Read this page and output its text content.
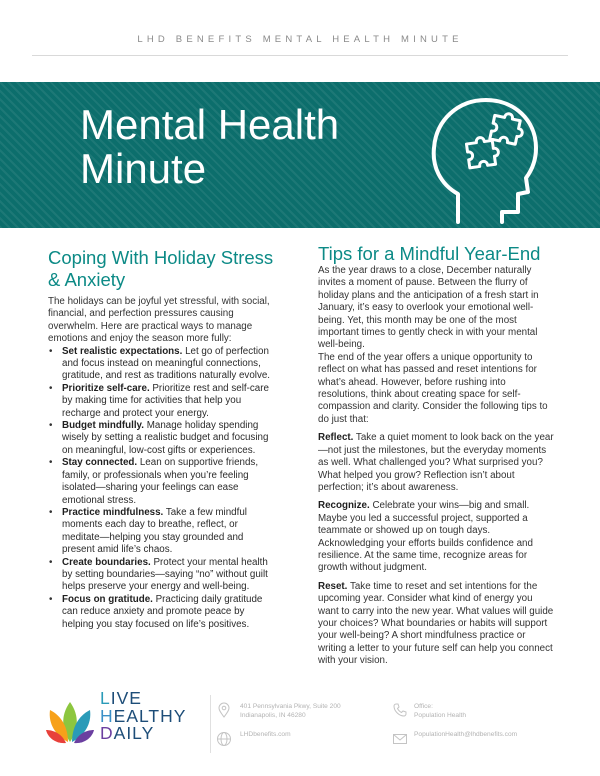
LHD BENEFITS MENTAL HEALTH MINUTE
Mental Health
Minute
Coping With Holiday Stress & Anxiety

The holidays can be joyful yet stressful, with social, financial, and perfection pressures causing overwhelm. Here are practical ways to manage emotions and enjoy the season more fully:

• Set realistic expectations. Let go of perfection and focus instead on meaningful connections, gratitude, and rest as traditions naturally evolve.
• Prioritize self-care. Prioritize rest and self-care by making time for activities that help you recharge and protect your energy.
• Budget mindfully. Manage holiday spending wisely by setting a realistic budget and focusing on meaningful, low-cost gifts or experiences.
• Stay connected. Lean on supportive friends, family, or professionals when you’re feeling isolated—sharing your feelings can ease emotional stress.
• Practice mindfulness. Take a few mindful moments each day to breathe, reflect, or meditate—helping you stay grounded and present amid life’s chaos.
• Create boundaries. Protect your mental health by setting boundaries—saying “no” without guilt helps preserve your energy and well-being.
• Focus on gratitude. Practicing daily gratitude can reduce anxiety and promote peace by helping you stay focused on life’s positives.
Tips for a Mindful Year-End

As the year draws to a close, December naturally invites a moment of pause. Between the flurry of holiday plans and the anticipation of a fresh start in January, it’s easy to overlook your emotional well-being. Yet, this month may be one of the most important times to gently check in with your mental well-being.

The end of the year offers a unique opportunity to reflect on what has passed and reset intentions for what’s ahead. However, before rushing into resolutions, think about creating space for self-compassion and clarity. Consider the following tips to do just that:

Reflect. Take a quiet moment to look back on the year—not just the milestones, but the everyday moments as well. What challenged you? What surprised you? What helped you grow? Reflection isn’t about perfection; it’s about awareness.

Recognize. Celebrate your wins—big and small. Maybe you led a successful project, supported a teammate or showed up on tough days. Acknowledging your efforts builds confidence and resilience. At the same time, recognize areas for growth without judgment.

Reset. Take time to reset and set intentions for the upcoming year. Consider what kind of energy you want to carry into the new year. What values will guide your choices? What boundaries or habits will support your well-being? A short mindfulness practice or writing a letter to your future self can help you connect with your vision.

LIVE
HEALTHY
DAILY
401 Pennsylvania Pkwy, Suite 200
Indianapolis, IN 46280
LHDbenefits.com
Office:
Population Health
PopulationHealth@lhdbenefits.com
